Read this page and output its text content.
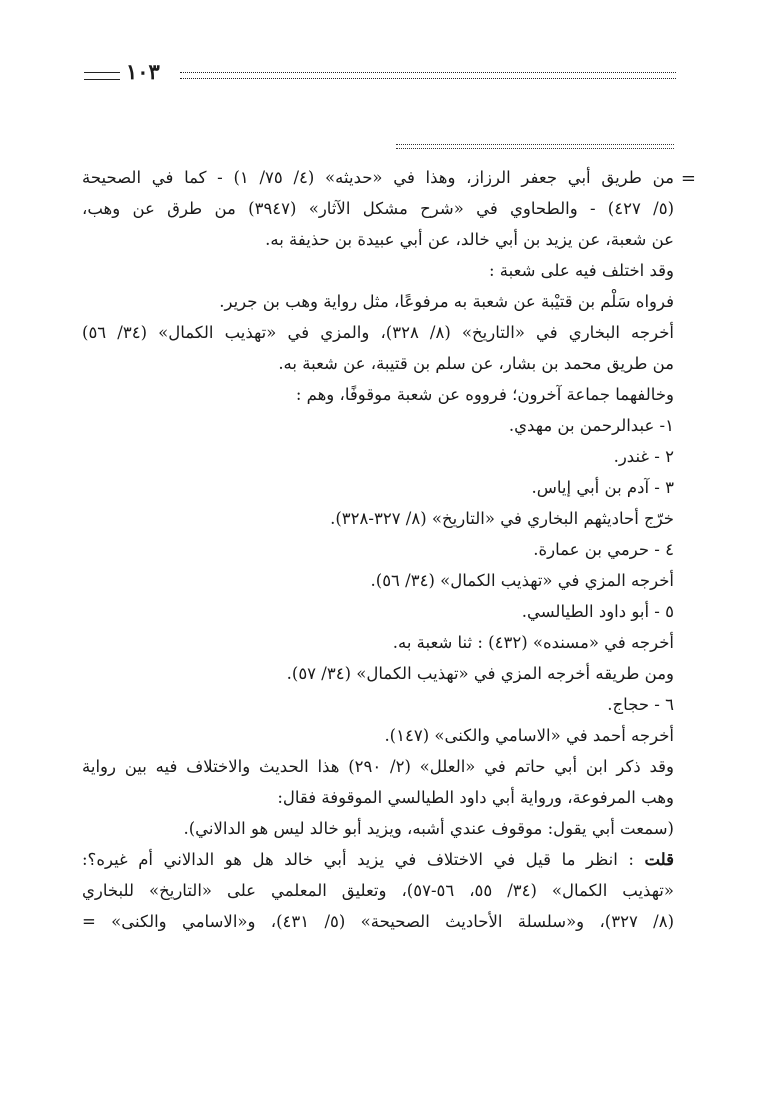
١٠٣
=
من طريق أبي جعفر الرزاز، وهذا في «حديثه» (٤/ ٧٥/ ١) - كما في الصحيحة
(٥/ ٤٢٧) - والطحاوي في «شرح مشكل الآثار» (٣٩٤٧) من طرق عن وهب،
عن شعبة، عن يزيد بن أبي خالد، عن أبي عبيدة بن حذيفة به.
وقد اختلف فيه على شعبة :
فرواه سَلْم بن قتيْبة عن شعبة به مرفوعًا، مثل رواية وهب بن جرير.
أخرجه البخاري في «التاريخ» (٨/ ٣٢٨)، والمزي في «تهذيب الكمال» (٣٤/ ٥٦)
من طريق محمد بن بشار، عن سلم بن قتيبة، عن شعبة به.
وخالفهما جماعة آخرون؛ فرووه عن شعبة موقوفًا، وهم :
١- عبدالرحمن بن مهدي.
٢ - غندر.
٣ - آدم بن أبي إياس.
خرّج أحاديثهم البخاري في «التاريخ» (٨/ ٣٢٧-٣٢٨).
٤ - حرمي بن عمارة.
أخرجه المزي في «تهذيب الكمال» (٣٤/ ٥٦).
٥ - أبو داود الطيالسي.
أخرجه في «مسنده» (٤٣٢) : ثنا شعبة به.
ومن طريقه أخرجه المزي في «تهذيب الكمال» (٣٤/ ٥٧).
٦ - حجاج.
أخرجه أحمد في «الاسامي والكنى» (١٤٧).
وقد ذكر ابن أبي حاتم في «العلل» (٢/ ٢٩٠) هذا الحديث والاختلاف فيه بين رواية
وهب المرفوعة، ورواية أبي داود الطيالسي الموقوفة فقال:
(سمعت أبي يقول: موقوف عندي أشبه، ويزيد أبو خالد ليس هو الدالاني).
قلت : انظر ما قيل في الاختلاف في يزيد أبي خالد هل هو الدالاني أم غيره؟:
«تهذيب الكمال» (٣٤/ ٥٥، ٥٦-٥٧)، وتعليق المعلمي على «التاريخ» للبخاري
(٨/ ٣٢٧)، و«سلسلة الأحاديث الصحيحة» (٥/ ٤٣١)، و«الاسامي والكنى» =
